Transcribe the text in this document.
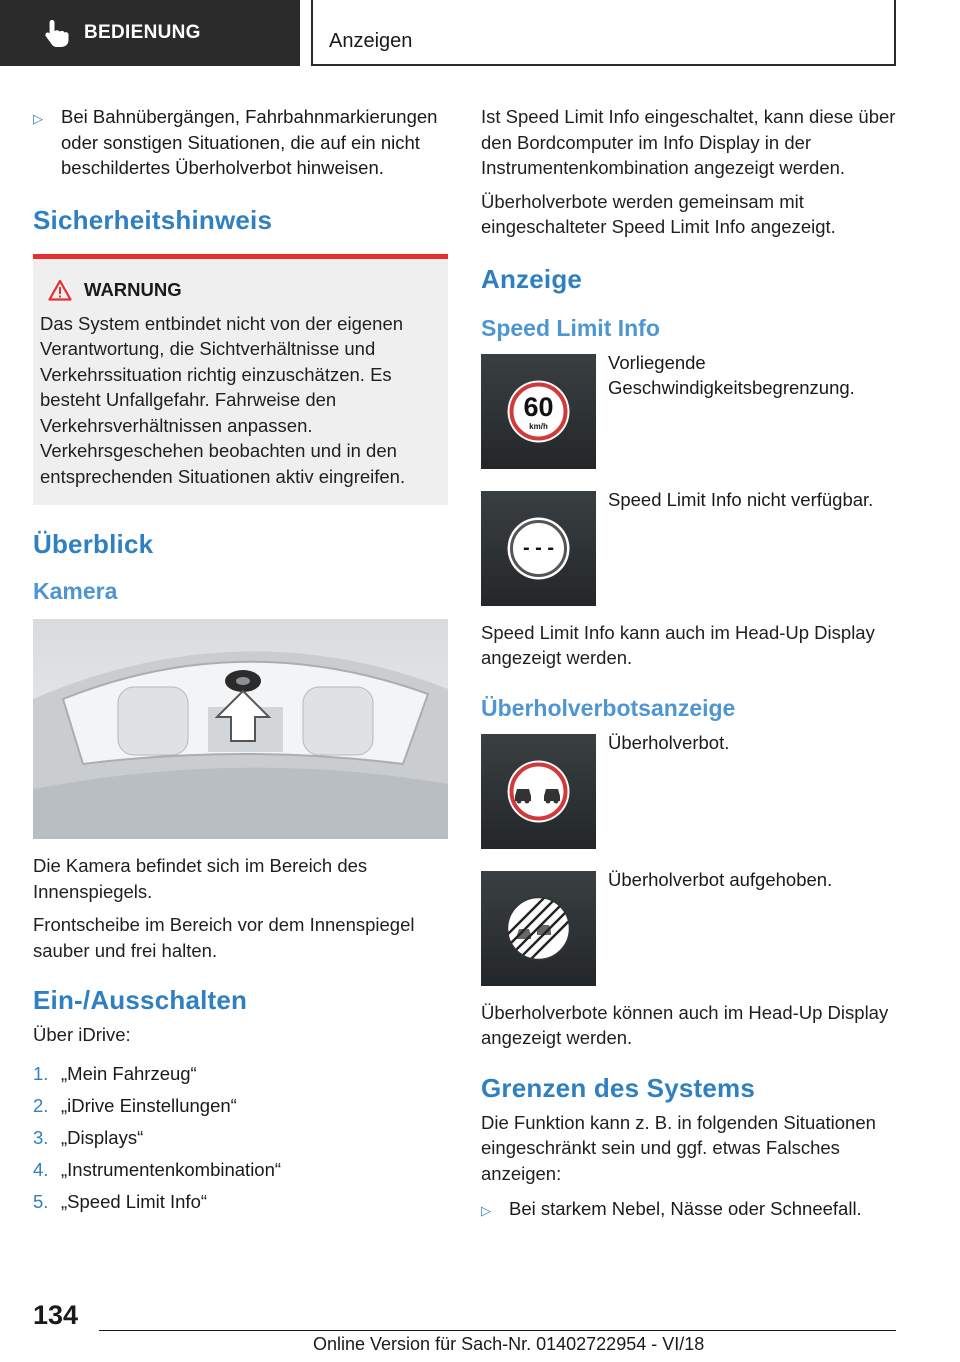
BEDIENUNG	Anzeigen
▷ Bei Bahnübergängen, Fahrbahnmarkierungen oder sonstigen Situationen, die auf ein nicht beschildertes Überholverbot hinweisen.
Sicherheitshinweis
WARNUNG

Das System entbindet nicht von der eigenen Verantwortung, die Sichtverhältnisse und Verkehrssituation richtig einzuschätzen. Es besteht Unfallgefahr. Fahrweise den Verkehrsverhältnissen anpassen. Verkehrsgeschehen beobachten und in den entsprechenden Situationen aktiv eingreifen.

Überblick
Kamera

Die Kamera befindet sich im Bereich des Innenspiegels.

Frontscheibe im Bereich vor dem Innenspiegel sauber und frei halten.

Ein-/Ausschalten

Über iDrive:

1. „Mein Fahrzeug“
2. „iDrive Einstellungen“
3. „Displays“
4. „Instrumentenkombination“
5. „Speed Limit Info“

Ist Speed Limit Info eingeschaltet, kann diese über den Bordcomputer im Info Display in der Instrumentenkombination angezeigt werden.

Überholverbote werden gemeinsam mit eingeschalteter Speed Limit Info angezeigt.

Anzeige
Speed Limit Info
60
km/h
Vorliegende Geschwindigkeitsbegrenzung.
- - -
Speed Limit Info nicht verfügbar.

Speed Limit Info kann auch im Head-Up Display angezeigt werden.

Überholverbotsanzeige
Überholverbot.
Überholverbot aufgehoben.

Überholverbote können auch im Head-Up Display angezeigt werden.

Grenzen des Systems

Die Funktion kann z. B. in folgenden Situationen eingeschränkt sein und ggf. etwas Falsches anzeigen:

▷ Bei starkem Nebel, Nässe oder Schneefall.
134
Online Version für Sach-Nr. 01402722954 - VI/18
